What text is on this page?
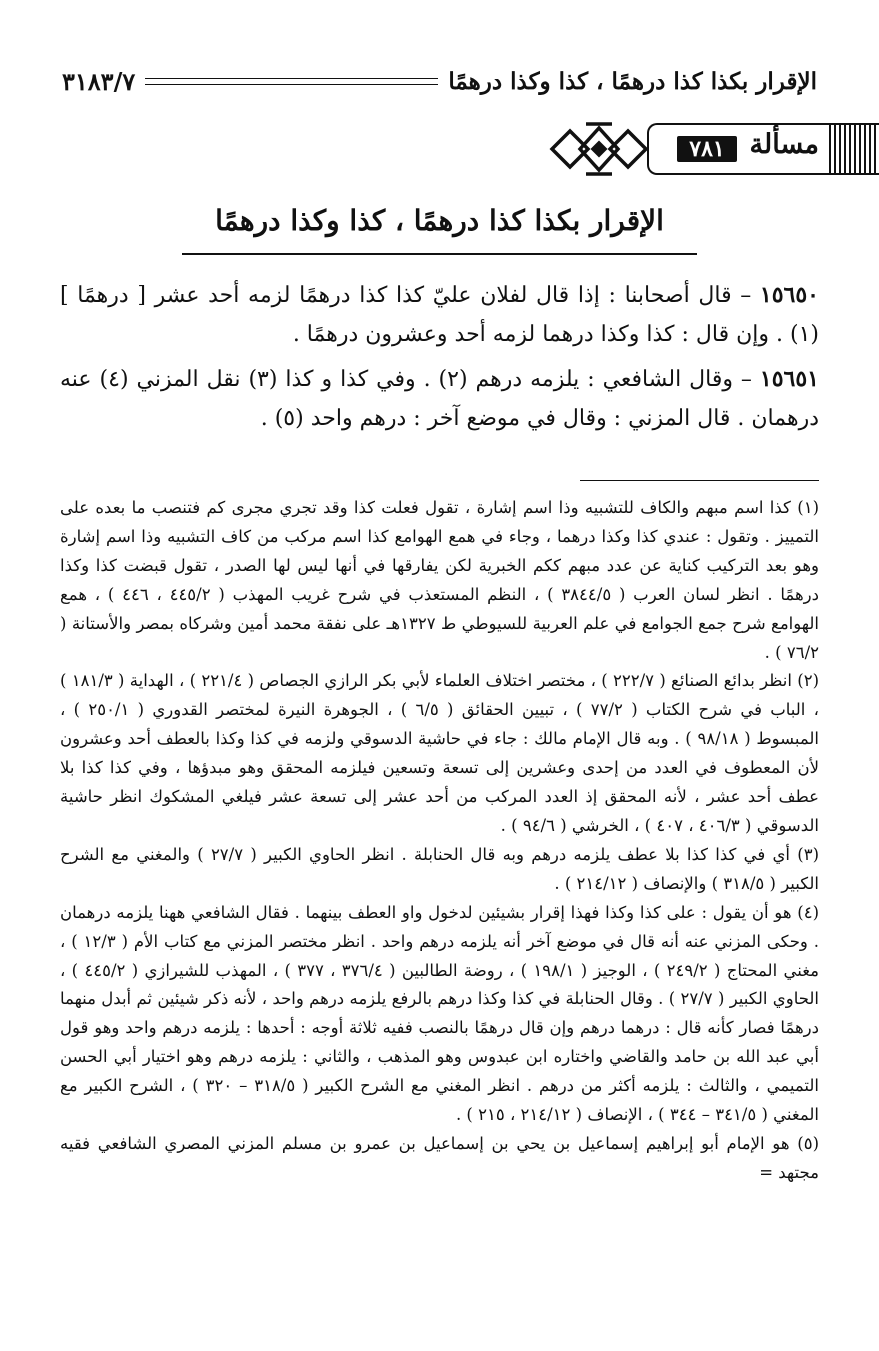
الإقرار بكذا كذا درهمًا ، كذا وكذا درهمًا
٣١٨٣/٧
مسألة
٧٨١
الإقرار بكذا كذا درهمًا ، كذا وكذا درهمًا

١٥٦٥٠ – قال أصحابنا : إذا قال لفلان عليّ كذا كذا درهمًا لزمه أحد عشر [ درهمًا ] (١) . وإن قال : كذا وكذا درهما لزمه أحد وعشرون درهمًا .

١٥٦٥١ – وقال الشافعي : يلزمه درهم (٢) . وفي كذا و كذا (٣) نقل المزني (٤) عنه درهمان . قال المزني : وقال في موضع آخر : درهم واحد (٥) .

(١) كذا اسم مبهم والكاف للتشبيه وذا اسم إشارة ، تقول فعلت كذا وقد تجري مجرى كم فتنصب ما بعده على التمييز . وتقول : عندي كذا وكذا درهما ، وجاء في همع الهوامع كذا اسم مركب من كاف التشبيه وذا اسم إشارة وهو بعد التركيب كناية عن عدد مبهم ككم الخبرية لكن يفارقها في أنها ليس لها الصدر ، تقول قبضت كذا وكذا درهمًا . انظر لسان العرب ( ٣٨٤٤/٥ ) ، النظم المستعذب في شرح غريب المهذب ( ٤٤٥/٢ ، ٤٤٦ ) ، همع الهوامع شرح جمع الجوامع في علم العربية للسيوطي ط ١٣٢٧هـ على نفقة محمد أمين وشركاه بمصر والأستانة ( ٧٦/٢ ) .

(٢) انظر بدائع الصنائع ( ٢٢٢/٧ ) ، مختصر اختلاف العلماء لأبي بكر الرازي الجصاص ( ٢٢١/٤ ) ، الهداية ( ١٨١/٣ ) ، الباب في شرح الكتاب ( ٧٧/٢ ) ، تبيين الحقائق ( ٦/٥ ) ، الجوهرة النيرة لمختصر القدوري ( ٢٥٠/١ ) ، المبسوط ( ٩٨/١٨ ) . وبه قال الإمام مالك : جاء في حاشية الدسوقي ولزمه في كذا وكذا بالعطف أحد وعشرون لأن المعطوف في العدد من إحدى وعشرين إلى تسعة وتسعين فيلزمه المحقق وهو مبدؤها ، وفي كذا كذا بلا عطف أحد عشر ، لأنه المحقق إذ العدد المركب من أحد عشر إلى تسعة عشر فيلغي المشكوك انظر حاشية الدسوقي ( ٤٠٦/٣ ، ٤٠٧ ) ، الخرشي ( ٩٤/٦ ) .

(٣) أي في كذا كذا بلا عطف يلزمه درهم وبه قال الحنابلة . انظر الحاوي الكبير ( ٢٧/٧ ) والمغني مع الشرح الكبير ( ٣١٨/٥ ) والإنصاف ( ٢١٤/١٢ ) .

(٤) هو أن يقول : على كذا وكذا فهذا إقرار بشيئين لدخول واو العطف بينهما . فقال الشافعي ههنا يلزمه درهمان . وحكى المزني عنه أنه قال في موضع آخر أنه يلزمه درهم واحد . انظر مختصر المزني مع كتاب الأم ( ١٢/٣ ) ، مغني المحتاج ( ٢٤٩/٢ ) ، الوجيز ( ١٩٨/١ ) ، روضة الطالبين ( ٣٧٦/٤ ، ٣٧٧ ) ، المهذب للشيرازي ( ٤٤٥/٢ ) ، الحاوي الكبير ( ٢٧/٧ ) . وقال الحنابلة في كذا وكذا درهم بالرفع يلزمه درهم واحد ، لأنه ذكر شيئين ثم أبدل منهما درهمًا فصار كأنه قال : درهما درهم وإن قال درهمًا بالنصب ففيه ثلاثة أوجه : أحدها : يلزمه درهم واحد وهو قول أبي عبد الله بن حامد والقاضي واختاره ابن عبدوس وهو المذهب ، والثاني : يلزمه درهم وهو اختيار أبي الحسن التميمي ، والثالث : يلزمه أكثر من درهم . انظر المغني مع الشرح الكبير ( ٣١٨/٥ – ٣٢٠ ) ، الشرح الكبير مع المغني ( ٣٤١/٥ – ٣٤٤ ) ، الإنصاف ( ٢١٤/١٢ ، ٢١٥ ) .

(٥) هو الإمام أبو إبراهيم إسماعيل بن يحي بن إسماعيل بن عمرو بن مسلم المزني المصري الشافعي فقيه مجتهد =
